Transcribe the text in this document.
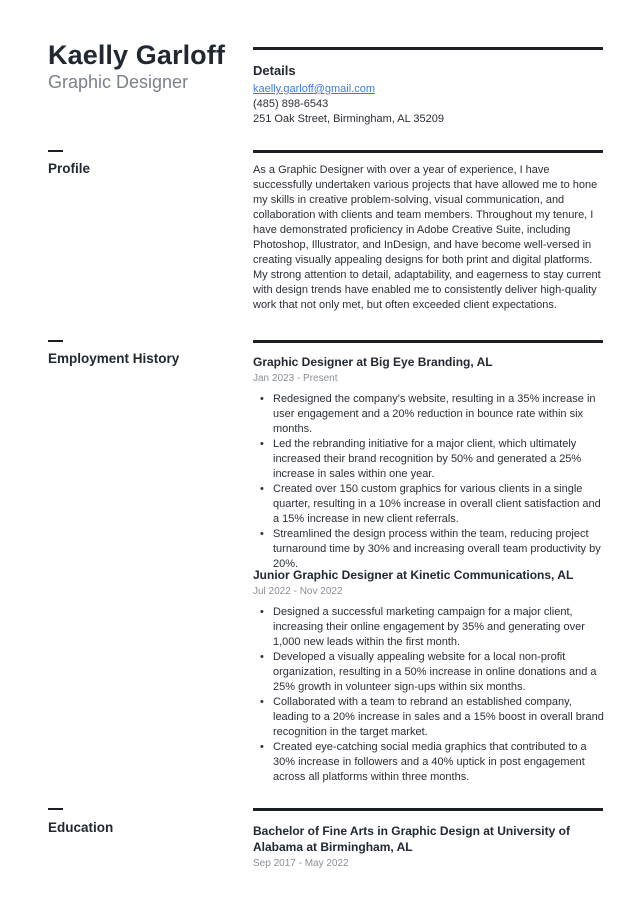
Kaelly Garloff
Graphic Designer
Details
kaelly.garloff@gmail.com
(485) 898-6543
251 Oak Street, Birmingham, AL 35209
Profile	As a Graphic Designer with over a year of experience, I have successfully undertaken various projects that have allowed me to hone my skills in creative problem-solving, visual communication, and collaboration with clients and team members. Throughout my tenure, I have demonstrated proficiency in Adobe Creative Suite, including Photoshop, Illustrator, and InDesign, and have become well-versed in creating visually appealing designs for both print and digital platforms. My strong attention to detail, adaptability, and eagerness to stay current with design trends have enabled me to consistently deliver high-quality work that not only met, but often exceeded client expectations.
Employment History	Graphic Designer at Big Eye Branding, AL
Jan 2023 - Present
• Redesigned the company's website, resulting in a 35% increase in user engagement and a 20% reduction in bounce rate within six months.
• Led the rebranding initiative for a major client, which ultimately increased their brand recognition by 50% and generated a 25% increase in sales within one year.
• Created over 150 custom graphics for various clients in a single quarter, resulting in a 10% increase in overall client satisfaction and a 15% increase in new client referrals.
• Streamlined the design process within the team, reducing project turnaround time by 30% and increasing overall team productivity by 20%.
Junior Graphic Designer at Kinetic Communications, AL
Jul 2022 - Nov 2022
• Designed a successful marketing campaign for a major client, increasing their online engagement by 35% and generating over 1,000 new leads within the first month.
• Developed a visually appealing website for a local non-profit organization, resulting in a 50% increase in online donations and a 25% growth in volunteer sign-ups within six months.
• Collaborated with a team to rebrand an established company, leading to a 20% increase in sales and a 15% boost in overall brand recognition in the target market.
• Created eye-catching social media graphics that contributed to a 30% increase in followers and a 40% uptick in post engagement across all platforms within three months.
Education	Bachelor of Fine Arts in Graphic Design at University of Alabama at Birmingham, AL
Sep 2017 - May 2022
